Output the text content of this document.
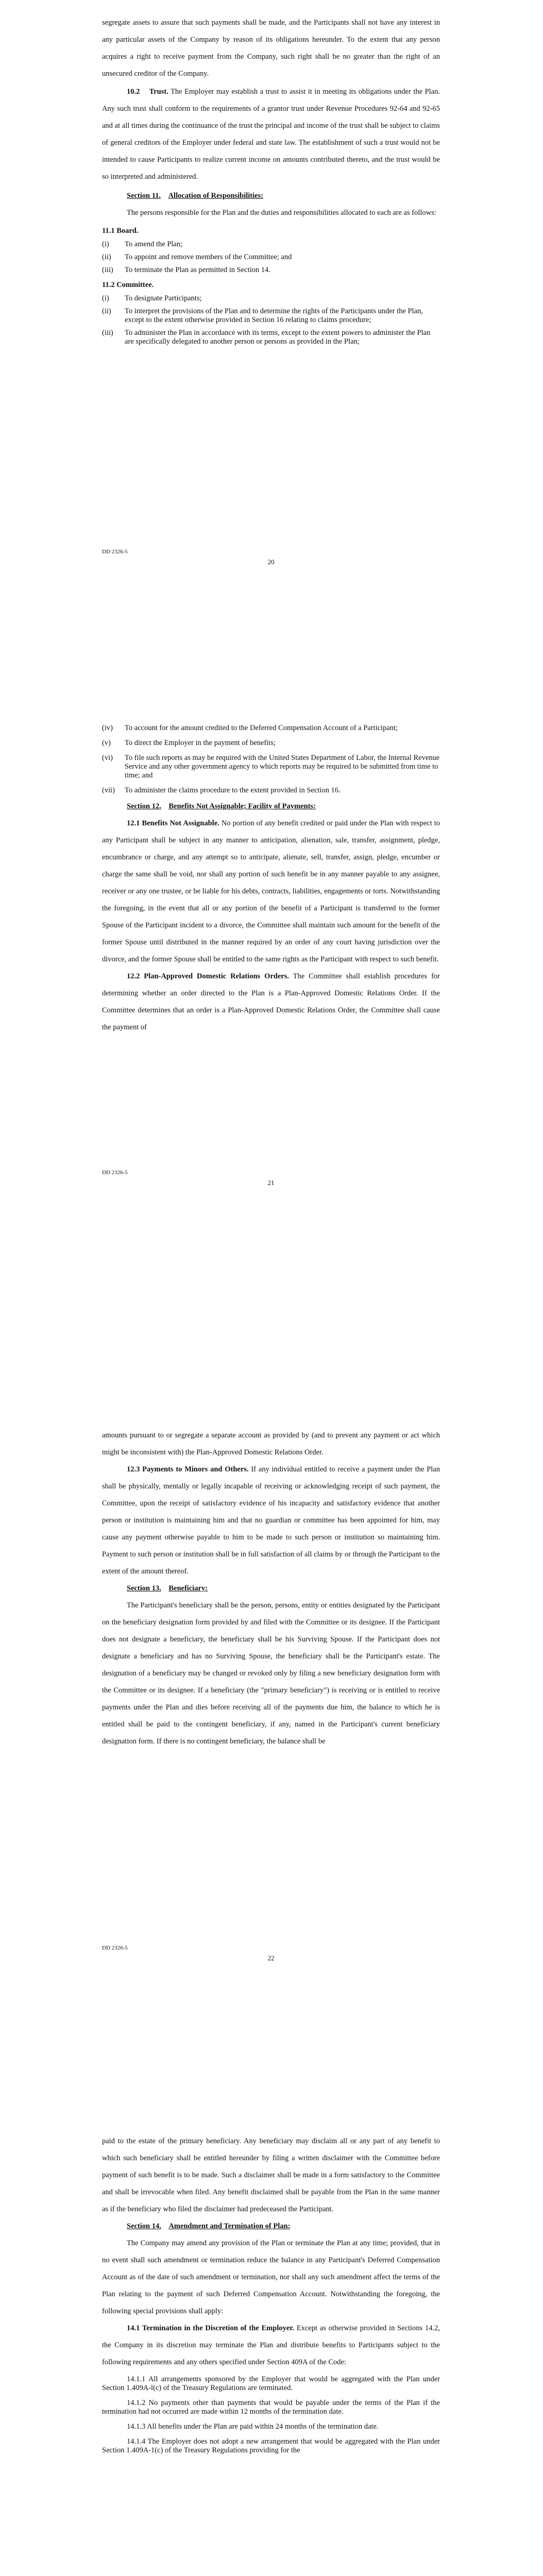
segregate assets to assure that such payments shall be made, and the Participants shall not have any interest in any particular assets of the Company by reason of its obligations hereunder. To the extent that any person acquires a right to receive payment from the Company, such right shall be no greater than the right of an unsecured creditor of the Company.

10.2 Trust. The Employer may establish a trust to assist it in meeting its obligations under the Plan. Any such trust shall conform to the requirements of a grantor trust under Revenue Procedures 92-64 and 92-65 and at all times during the continuance of the trust the principal and income of the trust shall be subject to claims of general creditors of the Employer under federal and state law. The establishment of such a trust would not be intended to cause Participants to realize current income on amounts contributed thereto, and the trust would be so interpreted and administered.

Section 11. Allocation of Responsibilities:

The persons responsible for the Plan and the duties and responsibilities allocated to each are as follows:

11.1 Board.

(i)	To amend the Plan;
(ii)	To appoint and remove members of the Committee; and
(iii)	To terminate the Plan as permitted in Section 14.

11.2 Committee.

(i)	To designate Participants;
(ii)	To interpret the provisions of the Plan and to determine the rights of the Participants under the Plan, except to the extent otherwise provided in Section 16 relating to claims procedure;
(iii)	To administer the Plan in accordance with its terms, except to the extent powers to administer the Plan are specifically delegated to another person or persons as provided in the Plan;
DD 2326-5
20
(iv)	To account for the amount credited to the Deferred Compensation Account of a Participant;
(v)	To direct the Employer in the payment of benefits;
(vi)	To file such reports as may be required with the United States Department of Labor, the Internal Revenue Service and any other government agency to which reports may be required to be submitted from time to time; and
(vii)	To administer the claims procedure to the extent provided in Section 16.

Section 12. Benefits Not Assignable; Facility of Payments:

12.1 Benefits Not Assignable. No portion of any benefit credited or paid under the Plan with respect to any Participant shall be subject in any manner to anticipation, alienation, sale, transfer, assignment, pledge, encumbrance or charge, and any attempt so to anticipate, alienate, sell, transfer, assign, pledge, encumber or charge the same shall be void, nor shall any portion of such benefit be in any manner payable to any assignee, receiver or any one trustee, or be liable for his debts, contracts, liabilities, engagements or torts. Notwithstanding the foregoing, in the event that all or any portion of the benefit of a Participant is transferred to the former Spouse of the Participant incident to a divorce, the Committee shall maintain such amount for the benefit of the former Spouse until distributed in the manner required by an order of any court having jurisdiction over the divorce, and the former Spouse shall be entitled to the same rights as the Participant with respect to such benefit.

12.2 Plan-Approved Domestic Relations Orders. The Committee shall establish procedures for determining whether an order directed to the Plan is a Plan-Approved Domestic Relations Order. If the Committee determines that an order is a Plan-Approved Domestic Relations Order, the Committee shall cause the payment of

DD 2326-5
21

amounts pursuant to or segregate a separate account as provided by (and to prevent any payment or act which might be inconsistent with) the Plan-Approved Domestic Relations Order.

12.3 Payments to Minors and Others. If any individual entitled to receive a payment under the Plan shall be physically, mentally or legally incapable of receiving or acknowledging receipt of such payment, the Committee, upon the receipt of satisfactory evidence of his incapacity and satisfactory evidence that another person or institution is maintaining him and that no guardian or committee has been appointed for him, may cause any payment otherwise payable to him to be made to such person or institution so maintaining him. Payment to such person or institution shall be in full satisfaction of all claims by or through the Participant to the extent of the amount thereof.

Section 13. Beneficiary:

The Participant's beneficiary shall be the person, persons, entity or entities designated by the Participant on the beneficiary designation form provided by and filed with the Committee or its designee. If the Participant does not designate a beneficiary, the beneficiary shall be his Surviving Spouse. If the Participant does not designate a beneficiary and has no Surviving Spouse, the beneficiary shall be the Participant's estate. The designation of a beneficiary may be changed or revoked only by filing a new beneficiary designation form with the Committee or its designee. If a beneficiary (the "primary beneficiary") is receiving or is entitled to receive payments under the Plan and dies before receiving all of the payments due him, the balance to which he is entitled shall be paid to the contingent beneficiary, if any, named in the Participant's current beneficiary designation form. If there is no contingent beneficiary, the balance shall be

DD 2326-5
22

paid to the estate of the primary beneficiary. Any beneficiary may disclaim all or any part of any benefit to which such beneficiary shall be entitled hereunder by filing a written disclaimer with the Committee before payment of such benefit is to be made. Such a disclaimer shall be made in a form satisfactory to the Committee and shall be irrevocable when filed. Any benefit disclaimed shall be payable from the Plan in the same manner as if the beneficiary who filed the disclaimer had predeceased the Participant.

Section 14. Amendment and Termination of Plan:

The Company may amend any provision of the Plan or terminate the Plan at any time; provided, that in no event shall such amendment or termination reduce the balance in any Participant's Deferred Compensation Account as of the date of such amendment or termination, nor shall any such amendment affect the terms of the Plan relating to the payment of such Deferred Compensation Account. Notwithstanding the foregoing, the following special provisions shall apply:

14.1 Termination in the Discretion of the Employer. Except as otherwise provided in Sections 14.2, the Company in its discretion may terminate the Plan and distribute benefits to Participants subject to the following requirements and any others specified under Section 409A of the Code:

14.1.1 All arrangements sponsored by the Employer that would be aggregated with the Plan under Section 1.409A-l(c) of the Treasury Regulations are terminated.

14.1.2 No payments other than payments that would be payable under the terms of the Plan if the termination had not occurred are made within 12 months of the termination date.

14.1.3 All benefits under the Plan are paid within 24 months of the termination date.

14.1.4 The Employer does not adopt a new arrangement that would be aggregated with the Plan under Section 1.409A-1(c) of the Treasury Regulations providing for the
